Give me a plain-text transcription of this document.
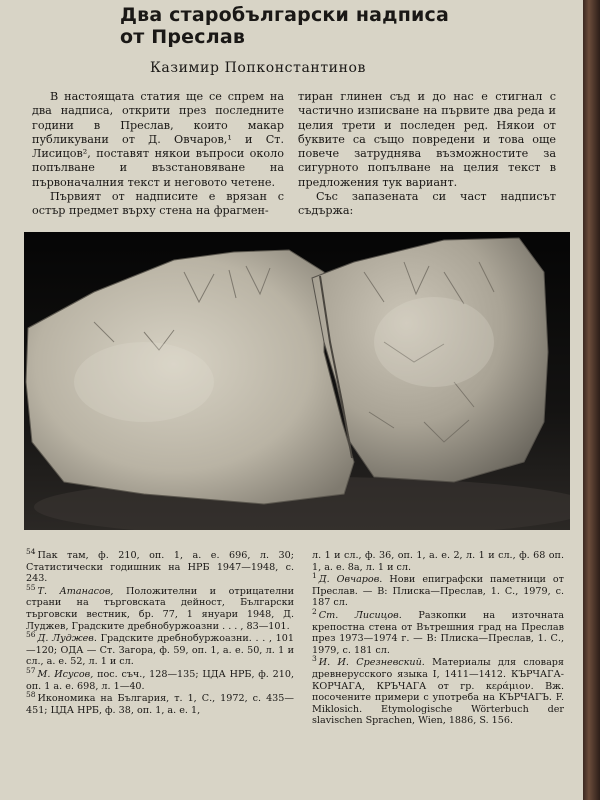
Два старобългарски надписа
от Преслав
Казимир Попконстантинов

В настоящата статия ще се спрем на два надписа, открити през последните години в Преслав, които макар публикувани от Д. Овчаров,¹ и Ст. Лисицов², поставят някои въпроси около попълване и възстановяване на първоначалния текст и неговото четене.

Първият от надписите е врязан с остър предмет върху стена на фрагмен-

тиран глинен съд и до нас е стигнал с частично изписване на първите два реда и целия трети и последен ред. Някои от буквите са също повредени и това още повече затруднява възможностите за сигурното попълване на целия текст в предложения тук вариант.

Със запазената си част надписът съдържа:

$^{54}$ Пак там, ф. 210, оп. 1, а. е. 696, л. 30; Статистически годишник на НРБ 1947—1948, с. 243.

$^{55}$ Т. Атанасов, Положителни и отрицателни страни на търговската дейност, Български търговски вестник, бр. 77, 1 януари 1948, Д. Луджев, Градските дребнобуржоазни . . . , 83—101.

$^{56}$ Д. Луджев. Градските дребнобуржоазни. . . , 101—120; ОДА — Ст. Загора, ф. 59, оп. 1, а. е. 50, л. 1 и сл., а. е. 52, л. 1 и сл.

$^{57}$ М. Исусов, пос. съч., 128—135; ЦДА НРБ, ф. 210, оп. 1 а. е. 698, л. 1—40.

$^{58}$ Икономика на България, т. 1, С., 1972, с. 435—451; ЦДА НРБ, ф. 38, оп. 1, а. е. 1,

л. 1 и сл., ф. 36, оп. 1, а. е. 2, л. 1 и сл., ф. 68 оп. 1, а. е. 8а, л. 1 и сл.

$^1$ Д. Овчаров. Нови епиграфски паметници от Преслав. — В: Плиска—Преслав, 1. С., 1979, с. 187 сл.

$^2$ Ст. Лисицов. Разкопки на източната крепостна стена от Вътрешния град на Преслав през 1973—1974 г. — В: Плиска—Преслав, 1. С., 1979, с. 181 сл.

$^3$ И. И. Срезневский. Материалы для словаря древнерусского языка I, 1411—1412. КЪРЧАГА-КОРЧАГА, КРЪЧАГА от гр. κεράμιον. Вж. посочените примери с употреба на КЪРЧАГЪ. F. Miklosich. Etymologische Wörterbuch der slavischen Sprachen, Wien, 1886, S. 156.
